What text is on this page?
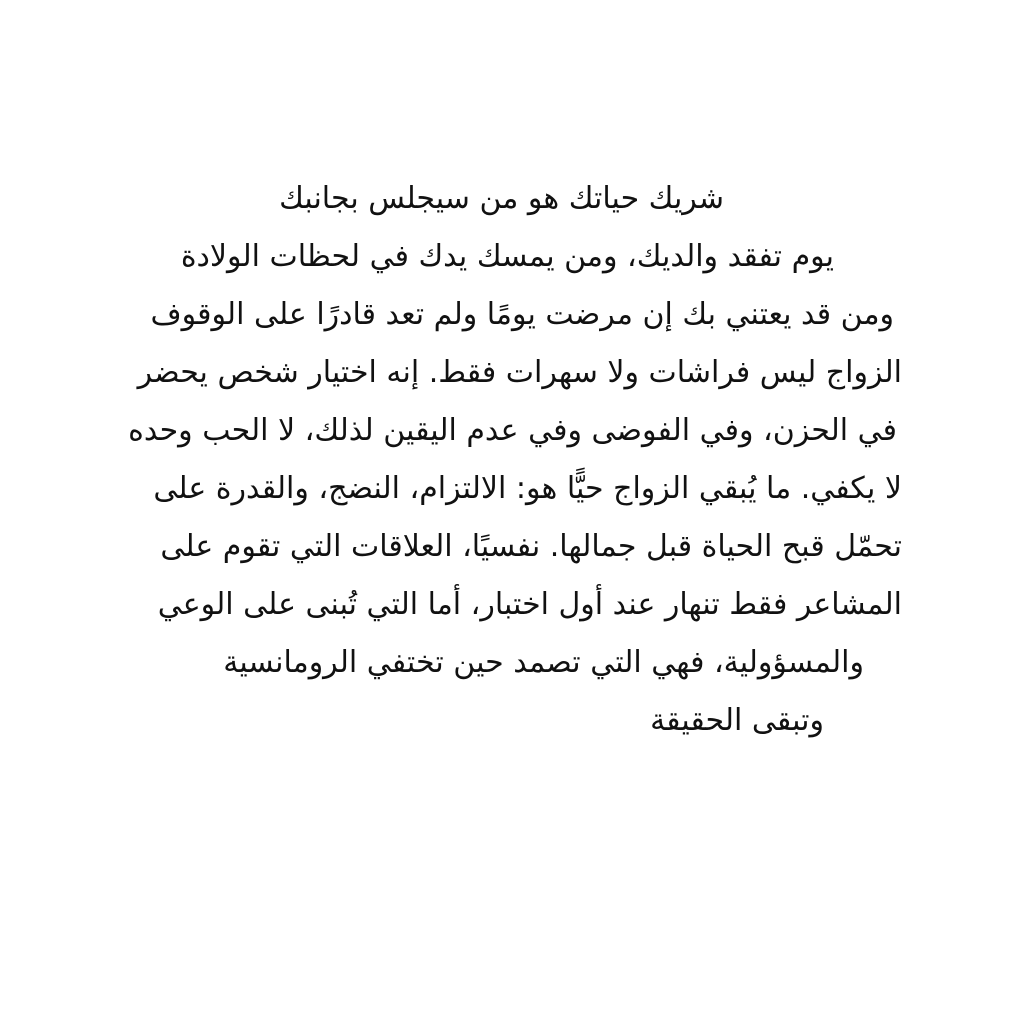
شريك حياتك هو من سيجلس بجانبك
يوم تفقد والديك، ومن يمسك يدك في لحظات الولادة
ومن قد يعتني بك إن مرضت يومًا ولم تعد قادرًا على الوقوف
الزواج ليس فراشات ولا سهرات فقط. إنه اختيار شخص يحضر
في الحزن، وفي الفوضى وفي عدم اليقين لذلك، لا الحب وحده
لا يكفي. ما يُبقي الزواج حيًّا هو: الالتزام، النضج، والقدرة على
تحمّل قبح الحياة قبل جمالها. نفسيًا، العلاقات التي تقوم على
المشاعر فقط تنهار عند أول اختبار، أما التي تُبنى على الوعي
والمسؤولية، فهي التي تصمد حين تختفي الرومانسية
وتبقى الحقيقة
